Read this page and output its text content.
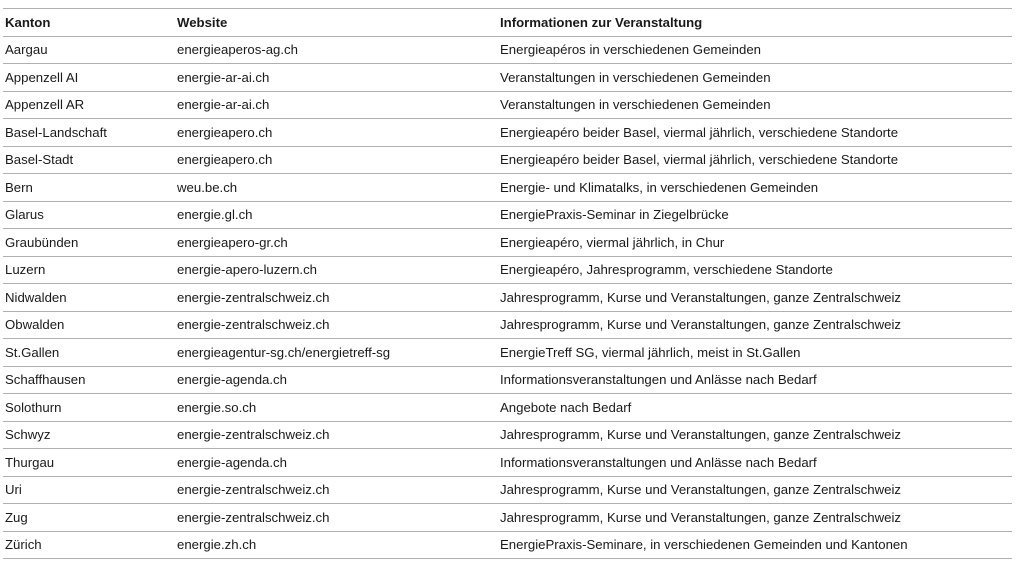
Kanton	Website	Informationen zur Veranstaltung
Aargau	energieaperos-ag.ch	Energieapéros in verschiedenen Gemeinden
Appenzell AI	energie-ar-ai.ch	Veranstaltungen in verschiedenen Gemeinden
Appenzell AR	energie-ar-ai.ch	Veranstaltungen in verschiedenen Gemeinden
Basel-Landschaft	energieapero.ch	Energieapéro beider Basel, viermal jährlich, verschiedene Standorte
Basel-Stadt	energieapero.ch	Energieapéro beider Basel, viermal jährlich, verschiedene Standorte
Bern	weu.be.ch	Energie- und Klimatalks, in verschiedenen Gemeinden
Glarus	energie.gl.ch	EnergiePraxis-Seminar in Ziegelbrücke
Graubünden	energieapero-gr.ch	Energieapéro, viermal jährlich, in Chur
Luzern	energie-apero-luzern.ch	Energieapéro, Jahresprogramm, verschiedene Standorte
Nidwalden	energie-zentralschweiz.ch	Jahresprogramm, Kurse und Veranstaltungen, ganze Zentralschweiz
Obwalden	energie-zentralschweiz.ch	Jahresprogramm, Kurse und Veranstaltungen, ganze Zentralschweiz
St.Gallen	energieagentur-sg.ch/energietreff-sg	EnergieTreff SG, viermal jährlich, meist in St.Gallen
Schaffhausen	energie-agenda.ch	Informationsveranstaltungen und Anlässe nach Bedarf
Solothurn	energie.so.ch	Angebote nach Bedarf
Schwyz	energie-zentralschweiz.ch	Jahresprogramm, Kurse und Veranstaltungen, ganze Zentralschweiz
Thurgau	energie-agenda.ch	Informationsveranstaltungen und Anlässe nach Bedarf
Uri	energie-zentralschweiz.ch	Jahresprogramm, Kurse und Veranstaltungen, ganze Zentralschweiz
Zug	energie-zentralschweiz.ch	Jahresprogramm, Kurse und Veranstaltungen, ganze Zentralschweiz
Zürich	energie.zh.ch	EnergiePraxis-Seminare, in verschiedenen Gemeinden und Kantonen
